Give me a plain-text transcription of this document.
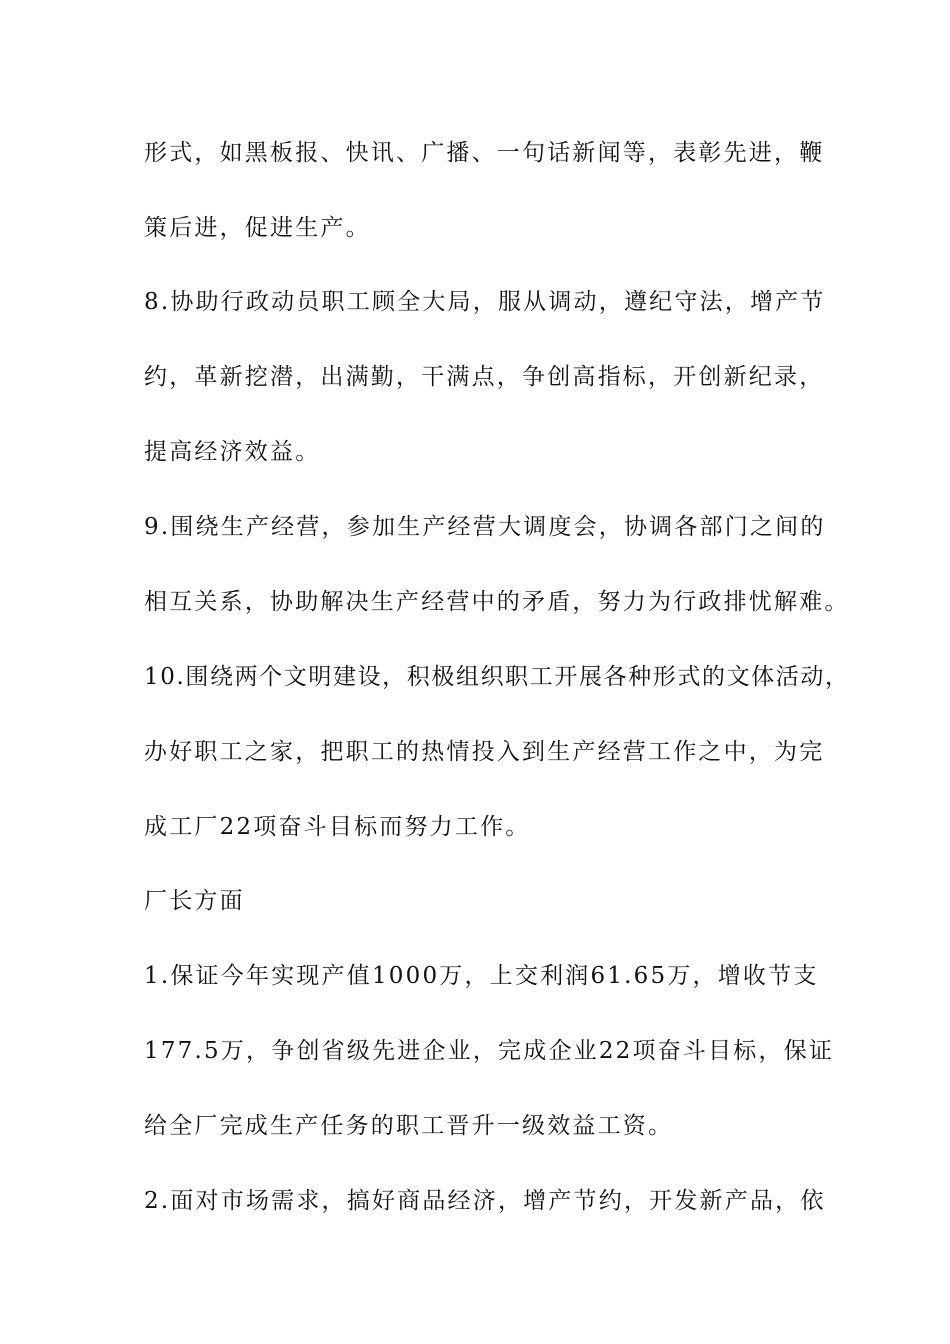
形式，如黑板报、快讯、广播、一句话新闻等，表彰先进，鞭
策后进，促进生产。
8.协助行政动员职工顾全大局，服从调动，遵纪守法，增产节
约，革新挖潜，出满勤，干满点，争创高指标，开创新纪录，
提高经济效益。
9.围绕生产经营，参加生产经营大调度会，协调各部门之间的
相互关系，协助解决生产经营中的矛盾，努力为行政排忧解难。
10.围绕两个文明建设，积极组织职工开展各种形式的文体活动，
办好职工之家，把职工的热情投入到生产经营工作之中，为完
成工厂22项奋斗目标而努力工作。
厂长方面
1.保证今年实现产值1000万，上交利润61.65万，增收节支
177.5万，争创省级先进企业，完成企业22项奋斗目标，保证
给全厂完成生产任务的职工晋升一级效益工资。
2.面对市场需求，搞好商品经济，增产节约，开发新产品，依
